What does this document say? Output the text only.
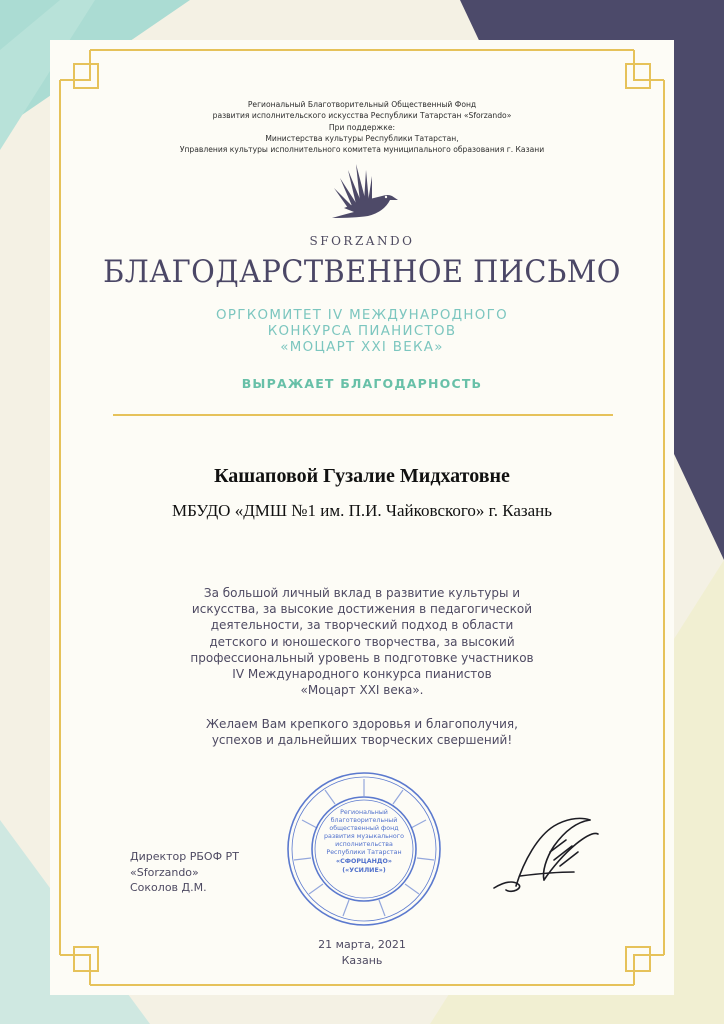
Региональный Благотворительный Общественный Фонд
развития исполнительского искусства Республики Татарстан «Sforzando»
При поддержке:
Министерства культуры Республики Татарстан,
Управления культуры исполнительного комитета муниципального образования г. Казани
SFORZANDO
БЛАГОДАРСТВЕННОЕ ПИСЬМО
ОРГКОМИТЕТ IV МЕЖДУНАРОДНОГО
КОНКУРСА ПИАНИСТОВ
«МОЦАРТ XXI ВЕКА»
ВЫРАЖАЕТ БЛАГОДАРНОСТЬ
Кашаповой Гузалие Мидхатовне
МБУДО «ДМШ №1 им. П.И. Чайковского» г. Казань
За большой личный вклад в развитие культуры и
искусства, за высокие достижения в педагогической
деятельности, за творческий подход в области
детского и юношеского творчества, за высокий
профессиональный уровень в подготовке участников
IV Международного конкурса пианистов
«Моцарт XXI века».
Желаем Вам крепкого здоровья и благополучия,
успехов и дальнейших творческих свершений!
Директор РБОФ РТ
«Sforzando»
Соколов Д.М.
Региональный
благотворительный
общественный фонд
развития музыкального
исполнительства
Республики Татарстан
«СФОРЦАНДО»
(«УСИЛИЕ»)
21 марта, 2021
Казань
